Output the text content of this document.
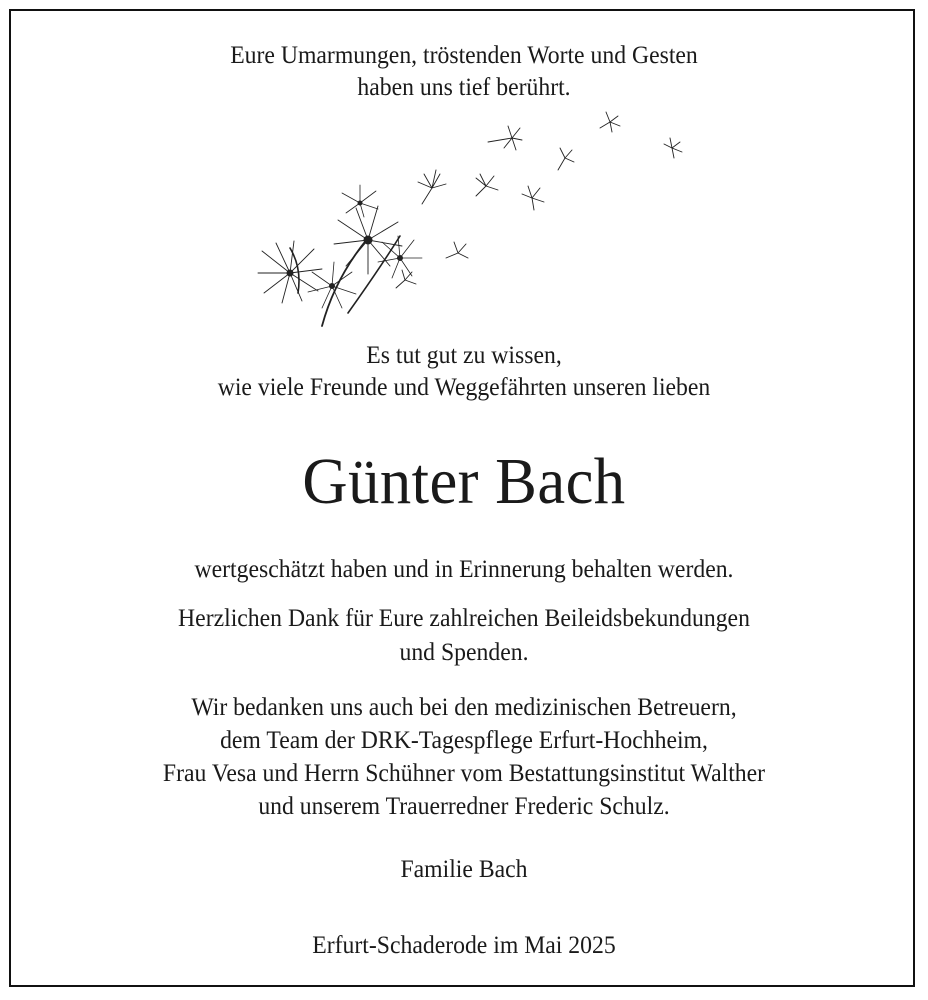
Eure Umarmungen, tröstenden Worte und Gesten
haben uns tief berührt.
Es tut gut zu wissen,
wie viele Freunde und Weggefährten unseren lieben
Günter Bach
wertgeschätzt haben und in Erinnerung behalten werden.
Herzlichen Dank für Eure zahlreichen Beileidsbekundungen
und Spenden.
Wir bedanken uns auch bei den medizinischen Betreuern,
dem Team der DRK-Tagespflege Erfurt-Hochheim,
Frau Vesa und Herrn Schühner vom Bestattungsinstitut Walther
und unserem Trauerredner Frederic Schulz.
Familie Bach
Erfurt-Schaderode im Mai 2025
